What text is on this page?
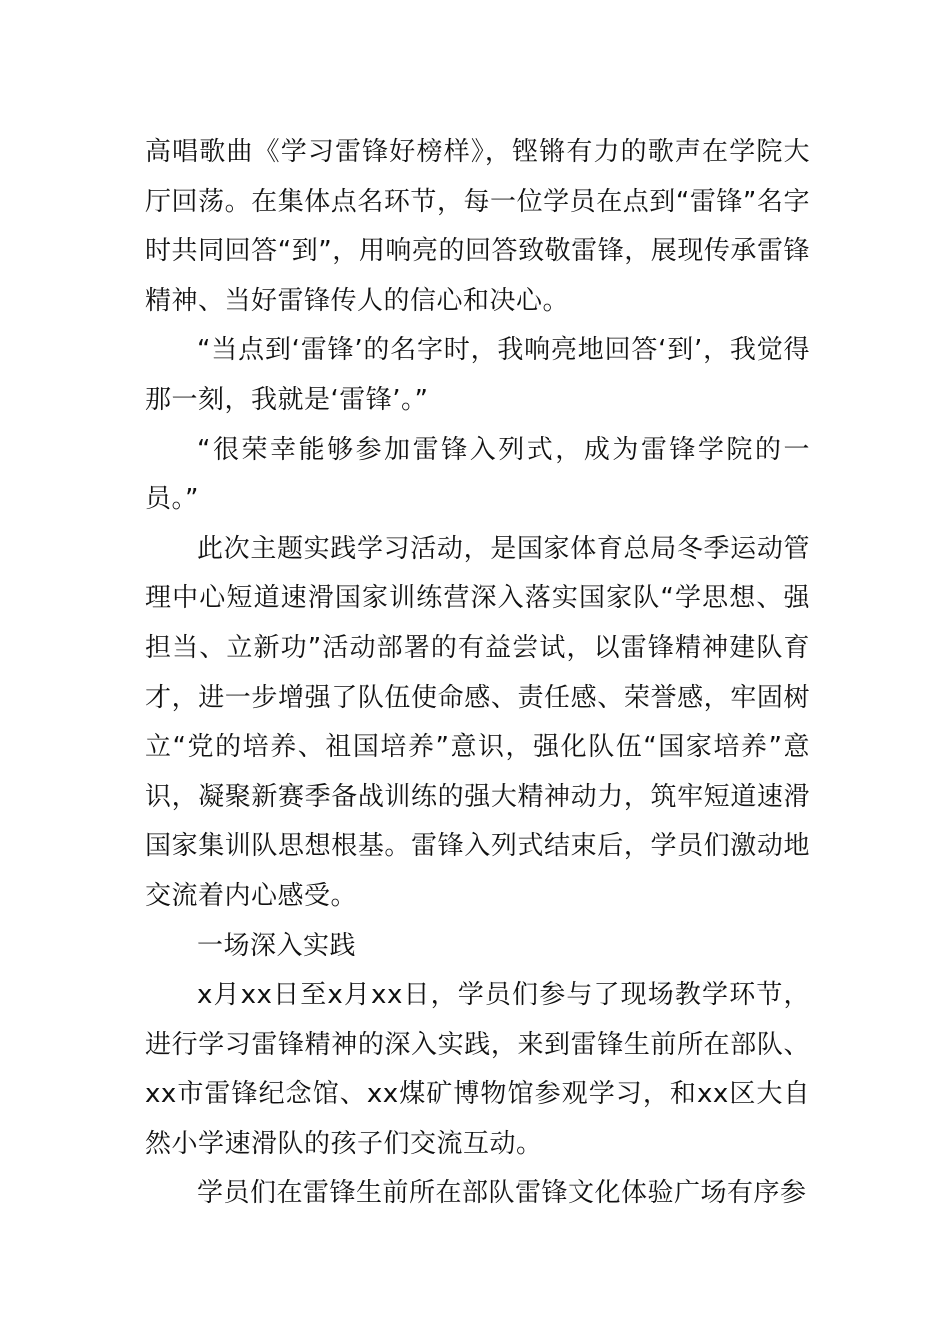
高唱歌曲《学习雷锋好榜样》，铿锵有力的歌声在学院大厅回荡。在集体点名环节，每一位学员在点到“雷锋”名字时共同回答“到”，用响亮的回答致敬雷锋，展现传承雷锋精神、当好雷锋传人的信心和决心。

“当点到‘雷锋’的名字时，我响亮地回答‘到’，我觉得那一刻，我就是‘雷锋’。”

“很荣幸能够参加雷锋入列式，成为雷锋学院的一员。”

此次主题实践学习活动，是国家体育总局冬季运动管理中心短道速滑国家训练营深入落实国家队“学思想、强担当、立新功”活动部署的有益尝试，以雷锋精神建队育才，进一步增强了队伍使命感、责任感、荣誉感，牢固树立“党的培养、祖国培养”意识，强化队伍“国家培养”意识，凝聚新赛季备战训练的强大精神动力，筑牢短道速滑国家集训队思想根基。雷锋入列式结束后，学员们激动地交流着内心感受。

一场深入实践

x月xx日至x月xx日，学员们参与了现场教学环节，进行学习雷锋精神的深入实践，来到雷锋生前所在部队、xx市雷锋纪念馆、xx煤矿博物馆参观学习，和xx区大自然小学速滑队的孩子们交流互动。

学员们在雷锋生前所在部队雷锋文化体验广场有序参
